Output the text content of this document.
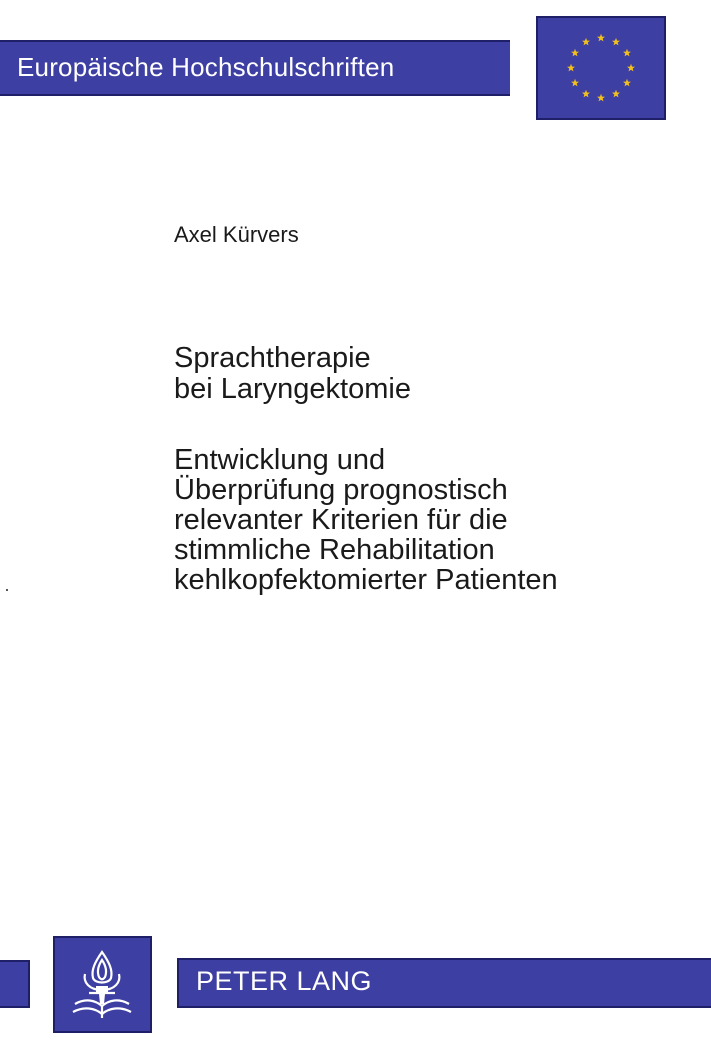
Europäische Hochschulschriften
Axel Kürvers
Sprachtherapie
bei Laryngektomie
Entwicklung und
Überprüfung prognostisch
relevanter Kriterien für die
stimmliche Rehabilitation
kehlkopfektomierter Patienten
PETER LANG
